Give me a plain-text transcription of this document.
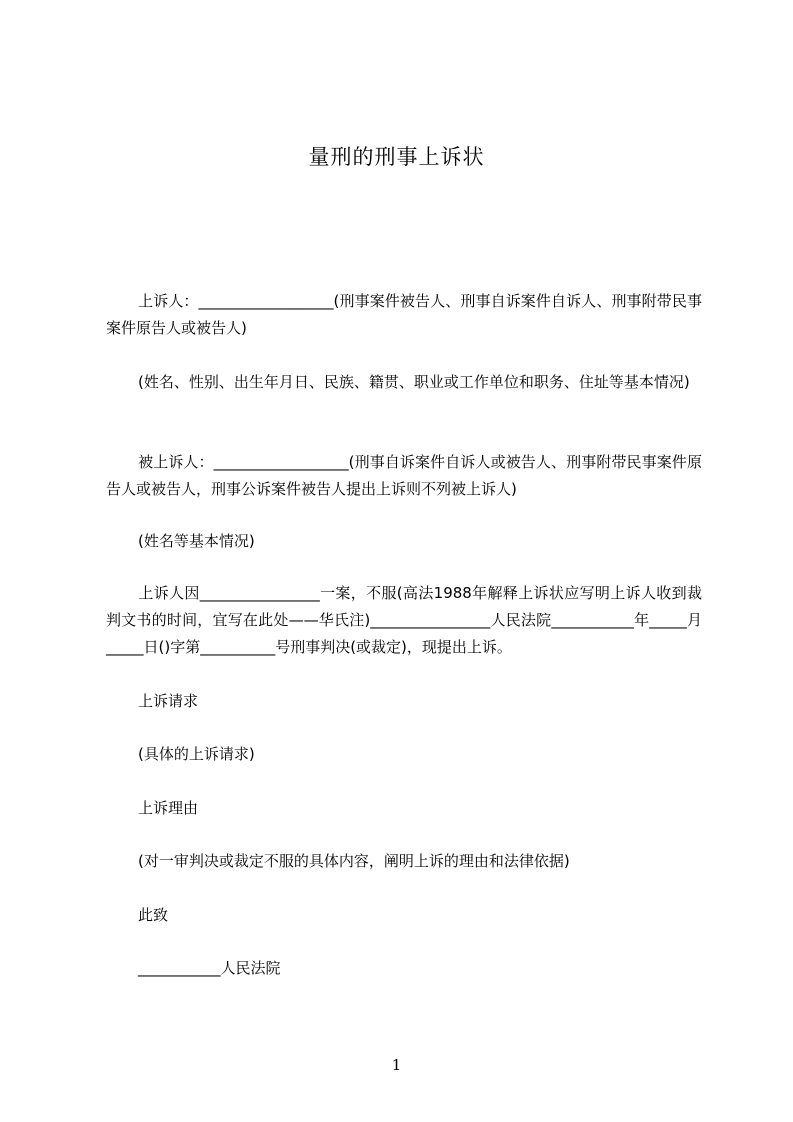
量刑的刑事上诉状
上诉人：__________________(刑事案件被告人、刑事自诉案件自诉人、刑事附带民事案件原告人或被告人)
(姓名、性别、出生年月日、民族、籍贯、职业或工作单位和职务、住址等基本情况)
被上诉人：__________________(刑事自诉案件自诉人或被告人、刑事附带民事案件原告人或被告人，刑事公诉案件被告人提出上诉则不列被上诉人)
(姓名等基本情况)
上诉人因________________一案，不服(高法1988年解释上诉状应写明上诉人收到裁判文书的时间，宜写在此处——华氏注)________________人民法院___________年_____月_____日()字第__________号刑事判决(或裁定)，现提出上诉。
上诉请求
(具体的上诉请求)
上诉理由
(对一审判决或裁定不服的具体内容，阐明上诉的理由和法律依据)
此致
___________人民法院
1
